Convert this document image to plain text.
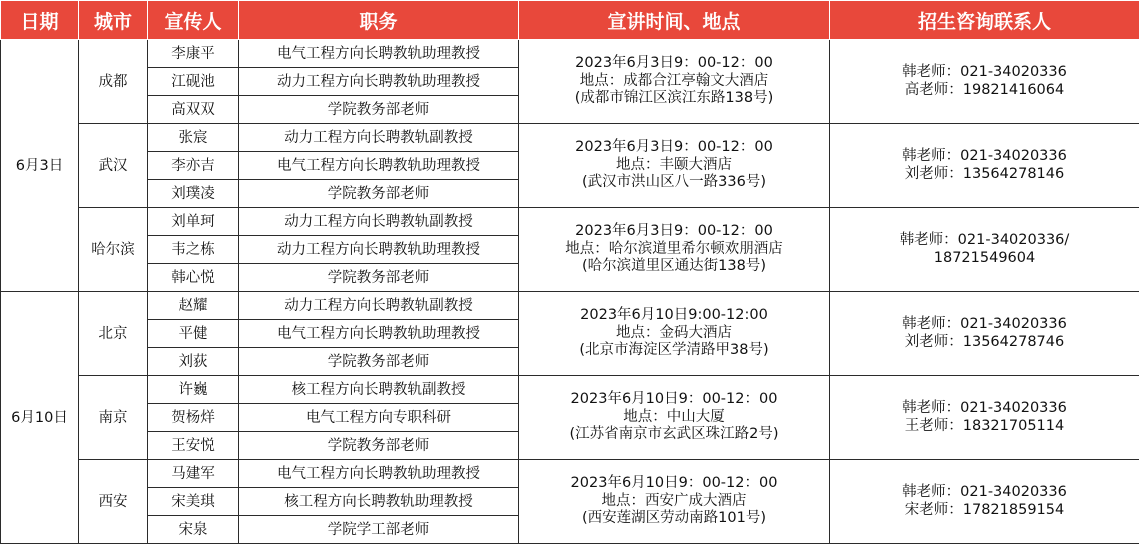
日期	城市	宣传人	职务	宣讲时间、地点	招生咨询联系人
6月3日	成都	李康平	电气工程方向长聘教轨助理教授	2023年6月3日9：00-12：00
地点：成都合江亭翰文大酒店
(成都市锦江区滨江东路138号)	韩老师：021-34020336
高老师：19821416064

		江砚池	动力工程方向长聘教轨助理教授		
		高双双	学院教务部老师		
	武汉	张宸	动力工程方向长聘教轨副教授	2023年6月3日9：00-12：00
地点：丰颐大酒店
(武汉市洪山区八一路336号)	韩老师：021-34020336
刘老师：13564278146

		李亦吉	电气工程方向长聘教轨助理教授		
		刘璞凌	学院教务部老师		
	哈尔滨	刘单珂	动力工程方向长聘教轨副教授	2023年6月3日9：00-12：00
地点：哈尔滨道里希尔顿欢朋酒店
(哈尔滨道里区通达街138号)	韩老师：021-34020336/
18721549604

		韦之栋	动力工程方向长聘教轨助理教授		
		韩心悦	学院教务部老师		
6月10日	北京	赵耀	动力工程方向长聘教轨副教授	2023年6月10日9:00-12:00
地点：金码大酒店
(北京市海淀区学清路甲38号)	韩老师：021-34020336
刘老师：13564278746

		平健	电气工程方向长聘教轨助理教授		
		刘荻	学院教务部老师		
	南京	许巍	核工程方向长聘教轨副教授	2023年6月10日9：00-12：00
地点：中山大厦
(江苏省南京市玄武区珠江路2号)	韩老师：021-34020336
王老师：18321705114

		贺杨烊	电气工程方向专职科研		
		王安悦	学院教务部老师		
	西安	马建军	电气工程方向长聘教轨助理教授	2023年6月10日9：00-12：00
地点：西安广成大酒店
(西安莲湖区劳动南路101号)	韩老师：021-34020336
宋老师：17821859154

		宋美琪	核工程方向长聘教轨助理教授		
		宋泉	学院学工部老师		
